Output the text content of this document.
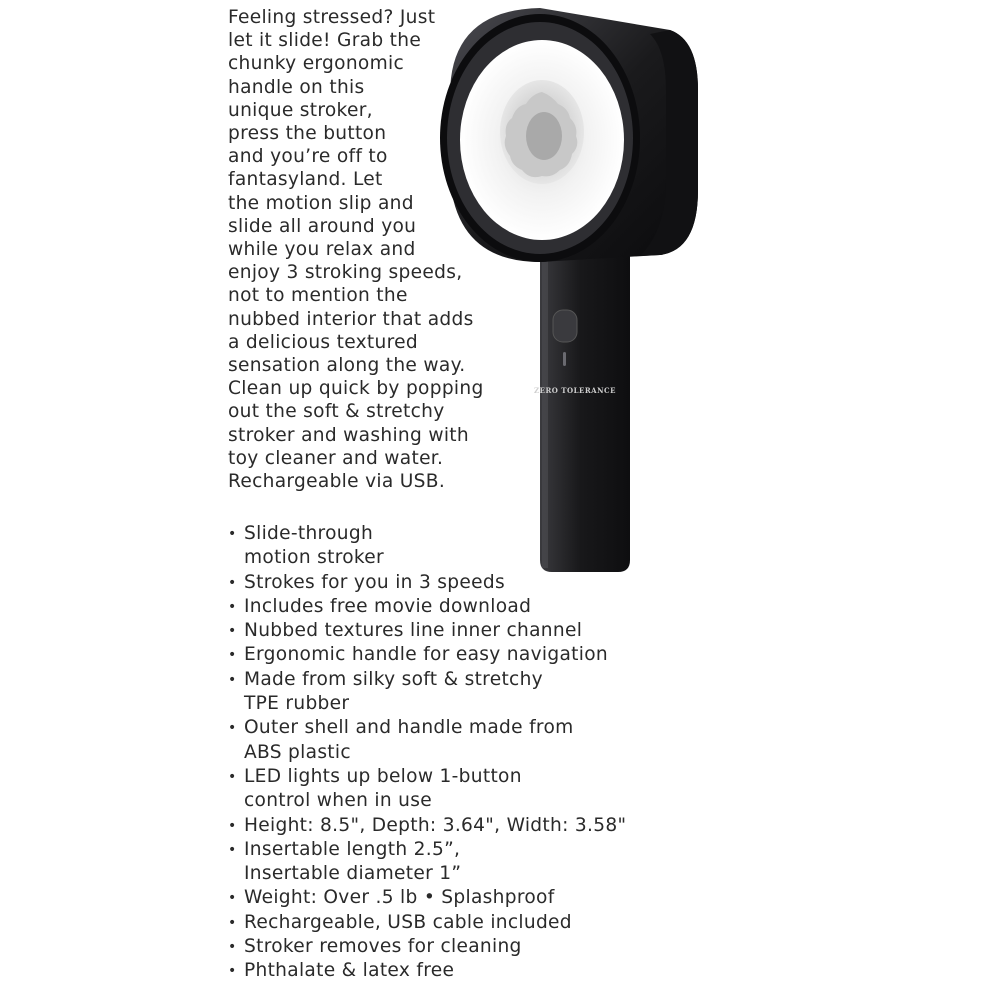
Feeling stressed? Just
let it slide! Grab the
chunky ergonomic
handle on this
unique stroker,
press the button
and you’re off to
fantasyland. Let
the motion slip and
slide all around you
while you relax and
enjoy 3 stroking speeds,
not to mention the
nubbed interior that adds
a delicious textured
sensation along the way.
Clean up quick by popping
out the soft & stretchy
stroker and washing with
toy cleaner and water.
Rechargeable via USB.
• Slide-through
motion stroker
• Strokes for you in 3 speeds
• Includes free movie download
• Nubbed textures line inner channel
• Ergonomic handle for easy navigation
• Made from silky soft & stretchy
TPE rubber
• Outer shell and handle made from
ABS plastic
• LED lights up below 1-button
control when in use
• Height: 8.5", Depth: 3.64", Width: 3.58"
• Insertable length 2.5”,
Insertable diameter 1”
• Weight: Over .5 lb • Splashproof
• Rechargeable, USB cable included
• Stroker removes for cleaning
• Phthalate & latex free
ZERO TOLERANCE
